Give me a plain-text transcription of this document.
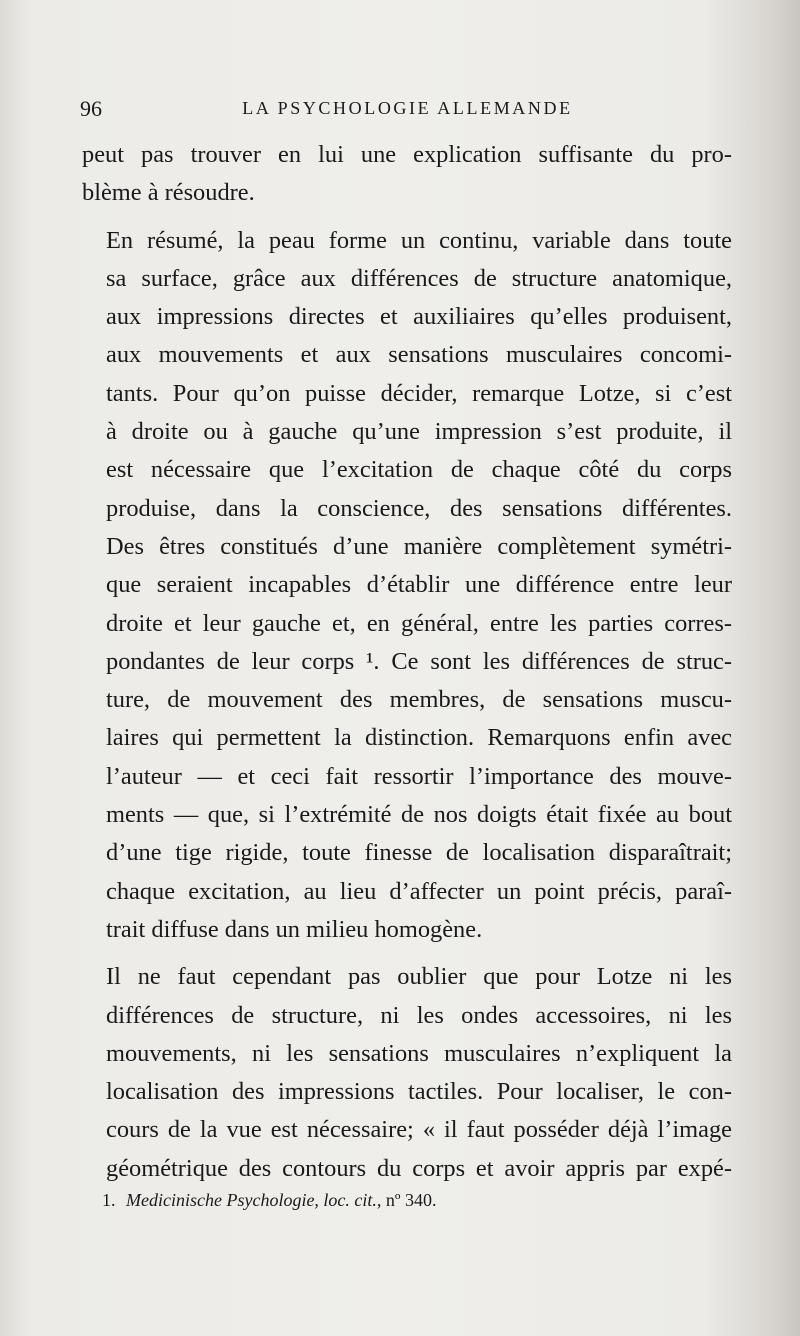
96	LA PSYCHOLOGIE ALLEMANDE

peut pas trouver en lui une explication suffisante du pro-
blème à résoudre.

En résumé, la peau forme un continu, variable dans toute
sa surface, grâce aux différences de structure anatomique,
aux impressions directes et auxiliaires qu’elles produisent,
aux mouvements et aux sensations musculaires concomi-
tants. Pour qu’on puisse décider, remarque Lotze, si c’est
à droite ou à gauche qu’une impression s’est produite, il
est nécessaire que l’excitation de chaque côté du corps
produise, dans la conscience, des sensations différentes.
Des êtres constitués d’une manière complètement symétri-
que seraient incapables d’établir une différence entre leur
droite et leur gauche et, en général, entre les parties corres-
pondantes de leur corps ¹. Ce sont les différences de struc-
ture, de mouvement des membres, de sensations muscu-
laires qui permettent la distinction. Remarquons enfin avec
l’auteur — et ceci fait ressortir l’importance des mouve-
ments — que, si l’extrémité de nos doigts était fixée au bout
d’une tige rigide, toute finesse de localisation disparaîtrait;
chaque excitation, au lieu d’affecter un point précis, paraî-
trait diffuse dans un milieu homogène.

Il ne faut cependant pas oublier que pour Lotze ni les
différences de structure, ni les ondes accessoires, ni les
mouvements, ni les sensations musculaires n’expliquent la
localisation des impressions tactiles. Pour localiser, le con-
cours de la vue est nécessaire; « il faut posséder déjà l’image
géométrique des contours du corps et avoir appris par expé-

1. Medicinische Psychologie, loc. cit., nº 340.
